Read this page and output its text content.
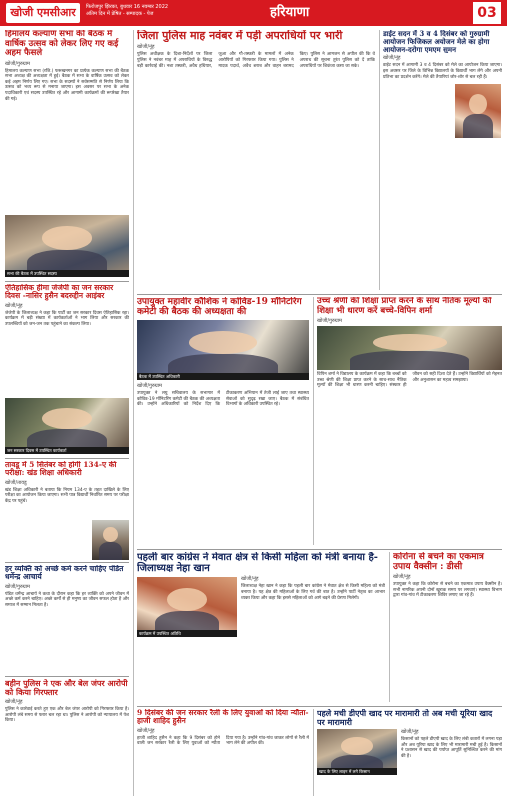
खोजी एमसीआर	फिरोजपुर झिरका, बुधवार 16 नवम्बर 2022
अंतिम दिन में प्रेषित - सम्पादक - पेज	हरियाणा	03
हिमालय कल्याण सभा की बैठक में वार्षिक उत्सव को लेकर लिए गए कई अहम फैसले
खोजी/गुरुग्राम
हिमालय कल्याण सभा (रजि.) फरूखनगर का प्रत्येक कल्याण सभा की बैठक सभा अध्यक्ष की अध्यक्षता में हुई। बैठक में सभा के वार्षिक उत्सव को लेकर कई अहम निर्णय लिए गए। सभा के सदस्यों ने सर्वसम्मति से निर्णय लिया कि उत्सव को भव्य रूप से मनाया जाएगा। इस अवसर पर सभा के अनेक पदाधिकारी एवं सदस्य उपस्थित रहे और आगामी कार्यक्रमों की रूपरेखा तैयार की गई।
सभा की बैठक में उपस्थित सदस्य
ऐतिहासिक हीमा जेजेपी का जन सरकार दिवस -नासिर हुसैन बदरुद्दीन आइंबर
खोजी/नूंह
जेजेपी के जिलाध्यक्ष ने कहा कि पार्टी का जन सरकार दिवस ऐतिहासिक रहा। कार्यक्रम में बड़ी संख्या में कार्यकर्ताओं ने भाग लिया और सरकार की उपलब्धियों को जन-जन तक पहुंचाने का संकल्प लिया।
जन सरकार दिवस में उपस्थित कार्यकर्ता
तावडू में 5 सितंबर को होगी 134-ए की परीक्षा: खंड शिक्षा अधिकारी
खोजी/तावडू
खंड शिक्षा अधिकारी ने बताया कि नियम 134-ए के तहत दाखिले के लिए परीक्षा का आयोजन किया जाएगा। सभी पात्र विद्यार्थी निर्धारित समय पर परीक्षा केंद्र पर पहुंचें।
हर व्यक्ति को अच्छे कर्म करने चाहिए पंडित धर्मेन्द्र आचार्य
खोजी/गुरुग्राम
पंडित धर्मेन्द्र आचार्य ने कथा के दौरान कहा कि हर व्यक्ति को अपने जीवन में अच्छे कर्म करने चाहिए। अच्छे कर्मों से ही मनुष्य का जीवन सफल होता है और समाज में सम्मान मिलता है।
बहीन पुलिस ने एक और बेल जंपर आरोपी को किया गिरफ्तार
खोजी/नूंह
पुलिस ने कार्रवाई करते हुए एक और बेल जंपर आरोपी को गिरफ्तार किया है। आरोपी लंबे समय से फरार चल रहा था। पुलिस ने आरोपी को न्यायालय में पेश किया।
जिला पुलिस माह नवंबर में पड़ी अपराधियों पर भारी
खोजी/नूंह
पुलिस अधीक्षक के दिशा-निर्देशों पर जिला पुलिस ने नवंबर माह में अपराधियों के विरुद्ध बड़ी कार्रवाई की। नशा तस्करी, अवैध हथियार, जुआ और गौ-तस्करी के मामलों में अनेक आरोपियों को गिरफ्तार किया गया। पुलिस ने मादक पदार्थ, अवैध शराब और वाहन बरामद किए। पुलिस ने आमजन से अपील की कि वे अपराध की सूचना तुरंत पुलिस को दें ताकि अपराधियों पर शिकंजा कसा जा सके।
डाईट सदन में 3 व 4 दिसंबर को गुरुग्रामी आयोजन फिजिकल अयोजन मेले का होगा आयोजन-दरोगा एमएम सुमन
खोजी/नूंह
डाईट सदन में आगामी 3 व 4 दिसंबर को मेले का आयोजन किया जाएगा। इस अवसर पर जिले के विभिन्न विद्यालयों के विद्यार्थी भाग लेंगे और अपनी प्रतिभा का प्रदर्शन करेंगे। मेले की तैयारियां जोर-शोर से चल रही हैं।
उपायुक्त महावीर कौशिक ने कोविड-19 मॉनिटरिंग कमेटी की बैठक की अध्यक्षता की
बैठक में उपस्थित अधिकारी
खोजी/गुरुग्राम
उपायुक्त ने लघु सचिवालय के सभागार में कोविड-19 मॉनिटरिंग कमेटी की बैठक की अध्यक्षता की। उन्होंने अधिकारियों को निर्देश दिए कि टीकाकरण अभियान में तेजी लाई जाए तथा स्वास्थ्य सेवाओं को सुदृढ़ रखा जाए। बैठक में संबंधित विभागों के अधिकारी उपस्थित रहे।
उच्च श्रेणी की शिक्षा प्राप्त करने के साथ नैतिक मूल्यों की शिक्षा भी धारण करें बच्चे-विपिन शर्मा
खोजी/गुरुग्राम
विपिन शर्मा ने विद्यालय के कार्यक्रम में कहा कि बच्चों को उच्च श्रेणी की शिक्षा प्राप्त करने के साथ-साथ नैतिक मूल्यों की शिक्षा भी धारण करनी चाहिए। संस्कार ही जीवन को सही दिशा देते हैं। उन्होंने विद्यार्थियों को मेहनत और अनुशासन का महत्व समझाया।
पहली बार कांग्रेस ने मेवात क्षेत्र से किसी महिला को मंत्री बनाया है-जिलाध्यक्ष नेहा खान
कार्यक्रम में उपस्थित अतिथि
खोजी/नूंह
जिलाध्यक्ष नेहा खान ने कहा कि पहली बार कांग्रेस ने मेवात क्षेत्र से किसी महिला को मंत्री बनाया है। यह क्षेत्र की महिलाओं के लिए गर्व की बात है। उन्होंने पार्टी नेतृत्व का आभार व्यक्त किया और कहा कि इससे महिलाओं को आगे बढ़ने की प्रेरणा मिलेगी।
कोरोना से बचने का एकमात्र उपाय वैक्सीन : डीसी
खोजी/नूंह
उपायुक्त ने कहा कि कोरोना से बचने का एकमात्र उपाय वैक्सीन है। सभी नागरिक अपनी दोनों खुराक समय पर लगवाएं। स्वास्थ्य विभाग द्वारा गांव-गांव में टीकाकरण शिविर लगाए जा रहे हैं।
9 दिसंबर की जन सरकार रैली के लिए युवाओं को दिया न्यौता-हाजी शाहिद हुसैन
खोजी/नूंह
हाजी शाहिद हुसैन ने कहा कि 9 दिसंबर को होने वाली जन सरकार रैली के लिए युवाओं को न्यौता दिया गया है। उन्होंने गांव-गांव जाकर लोगों से रैली में भाग लेने की अपील की।
पहले मची डीएपी खाद पर मारामारी तो अब मची यूरिया खाद पर मारामारी
खाद के लिए लाइन में लगे किसान
खोजी/नूंह
किसानों को पहले डीएपी खाद के लिए लंबी कतारों में लगना पड़ा और अब यूरिया खाद के लिए भी मारामारी मची हुई है। किसानों ने प्रशासन से खाद की पर्याप्त आपूर्ति सुनिश्चित करने की मांग की है।
